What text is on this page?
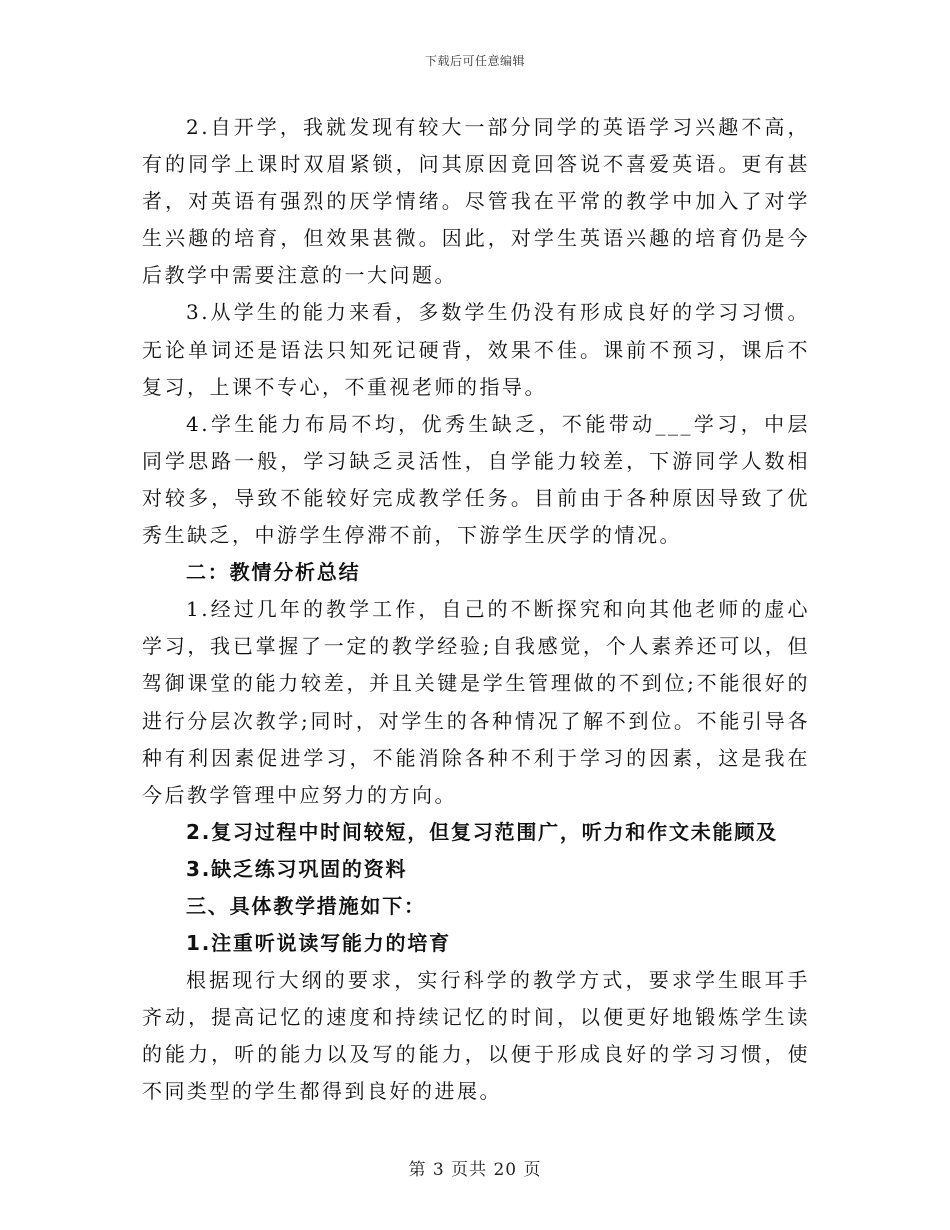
下载后可任意编辑

2.自开学，我就发现有较大一部分同学的英语学习兴趣不高，有的同学上课时双眉紧锁，问其原因竟回答说不喜爱英语。更有甚者，对英语有强烈的厌学情绪。尽管我在平常的教学中加入了对学生兴趣的培育，但效果甚微。因此，对学生英语兴趣的培育仍是今后教学中需要注意的一大问题。

3.从学生的能力来看，多数学生仍没有形成良好的学习习惯。无论单词还是语法只知死记硬背，效果不佳。课前不预习，课后不复习，上课不专心，不重视老师的指导。

4.学生能力布局不均，优秀生缺乏，不能带动___学习，中层同学思路一般，学习缺乏灵活性，自学能力较差，下游同学人数相对较多，导致不能较好完成教学任务。目前由于各种原因导致了优秀生缺乏，中游学生停滞不前，下游学生厌学的情况。

二：教情分析总结

1.经过几年的教学工作，自己的不断探究和向其他老师的虚心学习，我已掌握了一定的教学经验;自我感觉，个人素养还可以，但驾御课堂的能力较差，并且关键是学生管理做的不到位;不能很好的进行分层次教学;同时，对学生的各种情况了解不到位。不能引导各种有利因素促进学习，不能消除各种不利于学习的因素，这是我在今后教学管理中应努力的方向。

2.复习过程中时间较短，但复习范围广，听力和作文未能顾及

3.缺乏练习巩固的资料

三、具体教学措施如下：

1.注重听说读写能力的培育

根据现行大纲的要求，实行科学的教学方式，要求学生眼耳手齐动，提高记忆的速度和持续记忆的时间，以便更好地锻炼学生读的能力，听的能力以及写的能力，以便于形成良好的学习习惯，使不同类型的学生都得到良好的进展。

第 3 页共 20 页
